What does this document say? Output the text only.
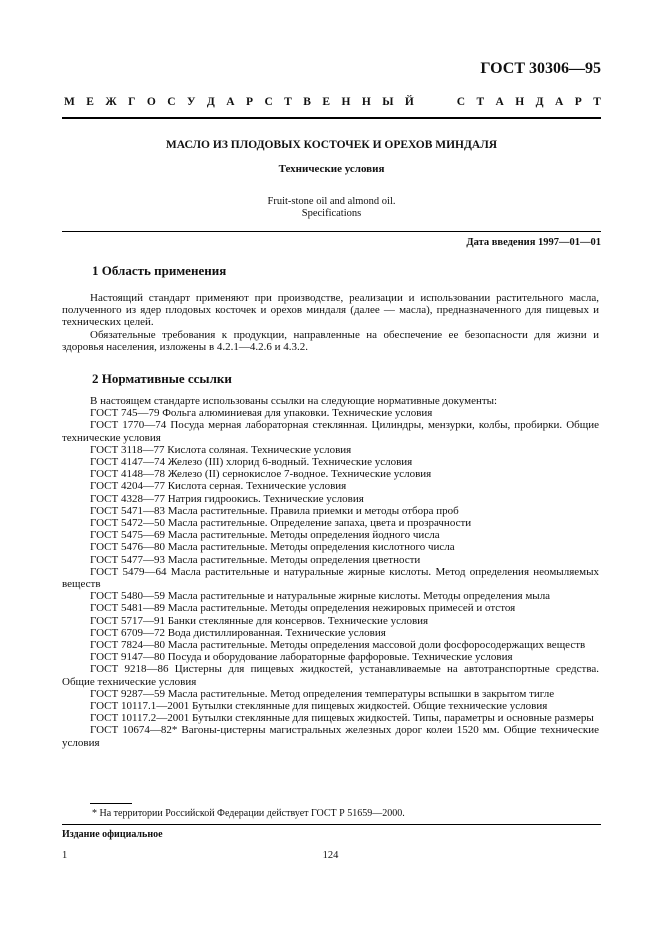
ГОСТ 30306—95
М Е Ж Г О С У Д А Р С Т В Е Н Н Ы Й	С Т А Н Д А Р Т
МАСЛО ИЗ ПЛОДОВЫХ КОСТОЧЕК И ОРЕХОВ МИНДАЛЯ
Технические условия
Fruit-stone oil and almond oil.
Specifications
Дата введения 1997—01—01
1 Область применения
Настоящий стандарт применяют при производстве, реализации и использовании растительного масла, полученного из ядер плодовых косточек и орехов миндаля (далее — масла), предназначенного для пищевых и технических целей.
Обязательные требования к продукции, направленные на обеспечение ее безопасности для жизни и здоровья населения, изложены в 4.2.1—4.2.6 и 4.3.2.
2 Нормативные ссылки
В настоящем стандарте использованы ссылки на следующие нормативные документы:
ГОСТ 745—79 Фольга алюминиевая для упаковки. Технические условия
ГОСТ 1770—74 Посуда мерная лабораторная стеклянная. Цилиндры, мензурки, колбы, пробирки. Общие технические условия
ГОСТ 3118—77 Кислота соляная. Технические условия
ГОСТ 4147—74 Железо (III) хлорид 6-водный. Технические условия
ГОСТ 4148—78 Железо (II) сернокислое 7-водное. Технические условия
ГОСТ 4204—77 Кислота серная. Технические условия
ГОСТ 4328—77 Натрия гидроокись. Технические условия
ГОСТ 5471—83 Масла растительные. Правила приемки и методы отбора проб
ГОСТ 5472—50 Масла растительные. Определение запаха, цвета и прозрачности
ГОСТ 5475—69 Масла растительные. Методы определения йодного числа
ГОСТ 5476—80 Масла растительные. Методы определения кислотного числа
ГОСТ 5477—93 Масла растительные. Методы определения цветности
ГОСТ 5479—64 Масла растительные и натуральные жирные кислоты. Метод определения неомыляемых веществ
ГОСТ 5480—59 Масла растительные и натуральные жирные кислоты. Методы определения мыла
ГОСТ 5481—89 Масла растительные. Методы определения нежировых примесей и отстоя
ГОСТ 5717—91 Банки стеклянные для консервов. Технические условия
ГОСТ 6709—72 Вода дистиллированная. Технические условия
ГОСТ 7824—80 Масла растительные. Методы определения массовой доли фосфоросодержащих веществ
ГОСТ 9147—80 Посуда и оборудование лабораторные фарфоровые. Технические условия
ГОСТ 9218—86 Цистерны для пищевых жидкостей, устанавливаемые на автотранспортные средства. Общие технические условия
ГОСТ 9287—59 Масла растительные. Метод определения температуры вспышки в закрытом тигле
ГОСТ 10117.1—2001 Бутылки стеклянные для пищевых жидкостей. Общие технические условия
ГОСТ 10117.2—2001 Бутылки стеклянные для пищевых жидкостей. Типы, параметры и основные размеры
ГОСТ 10674—82* Вагоны-цистерны магистральных железных дорог колеи 1520 мм. Общие технические условия
* На территории Российской Федерации действует ГОСТ Р 51659—2000.
Издание официальное
1	124
